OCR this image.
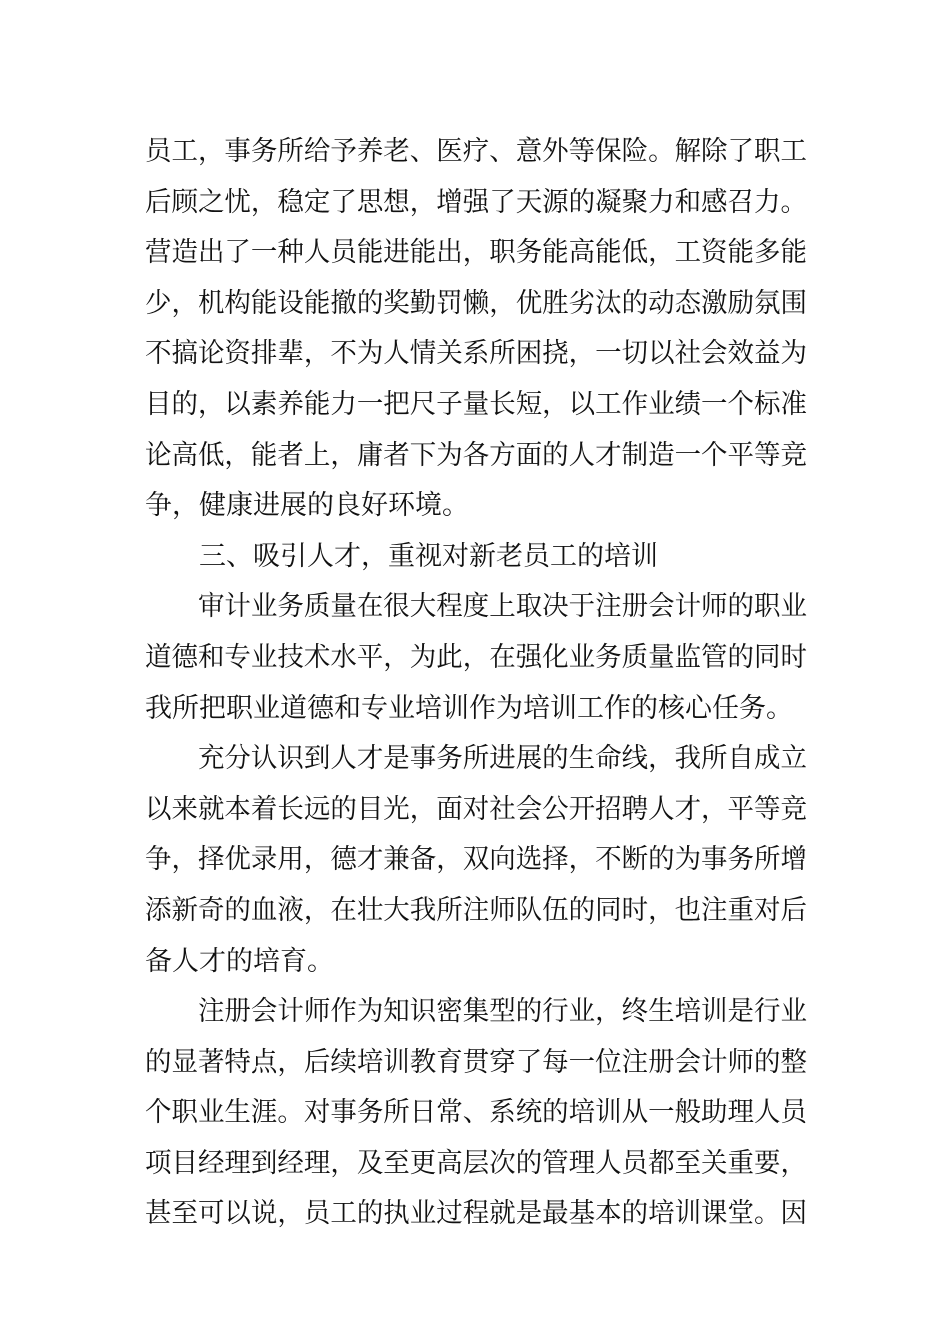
员工，事务所给予养老、医疗、意外等保险。解除了职工
后顾之忧，稳定了思想，增强了天源的凝聚力和感召力。
营造出了一种人员能进能出，职务能高能低，工资能多能
少，机构能设能撤的奖勤罚懒，优胜劣汰的动态激励氛围
不搞论资排辈，不为人情关系所困挠，一切以社会效益为
目的，以素养能力一把尺子量长短，以工作业绩一个标准
论高低，能者上，庸者下为各方面的人才制造一个平等竞
争，健康进展的良好环境。
三、吸引人才，重视对新老员工的培训
审计业务质量在很大程度上取决于注册会计师的职业
道德和专业技术水平，为此，在强化业务质量监管的同时
我所把职业道德和专业培训作为培训工作的核心任务。
充分认识到人才是事务所进展的生命线，我所自成立
以来就本着长远的目光，面对社会公开招聘人才，平等竞
争，择优录用，德才兼备，双向选择，不断的为事务所增
添新奇的血液，在壮大我所注师队伍的同时，也注重对后
备人才的培育。
注册会计师作为知识密集型的行业，终生培训是行业
的显著特点，后续培训教育贯穿了每一位注册会计师的整
个职业生涯。对事务所日常、系统的培训从一般助理人员
项目经理到经理，及至更高层次的管理人员都至关重要，
甚至可以说，员工的执业过程就是最基本的培训课堂。因
